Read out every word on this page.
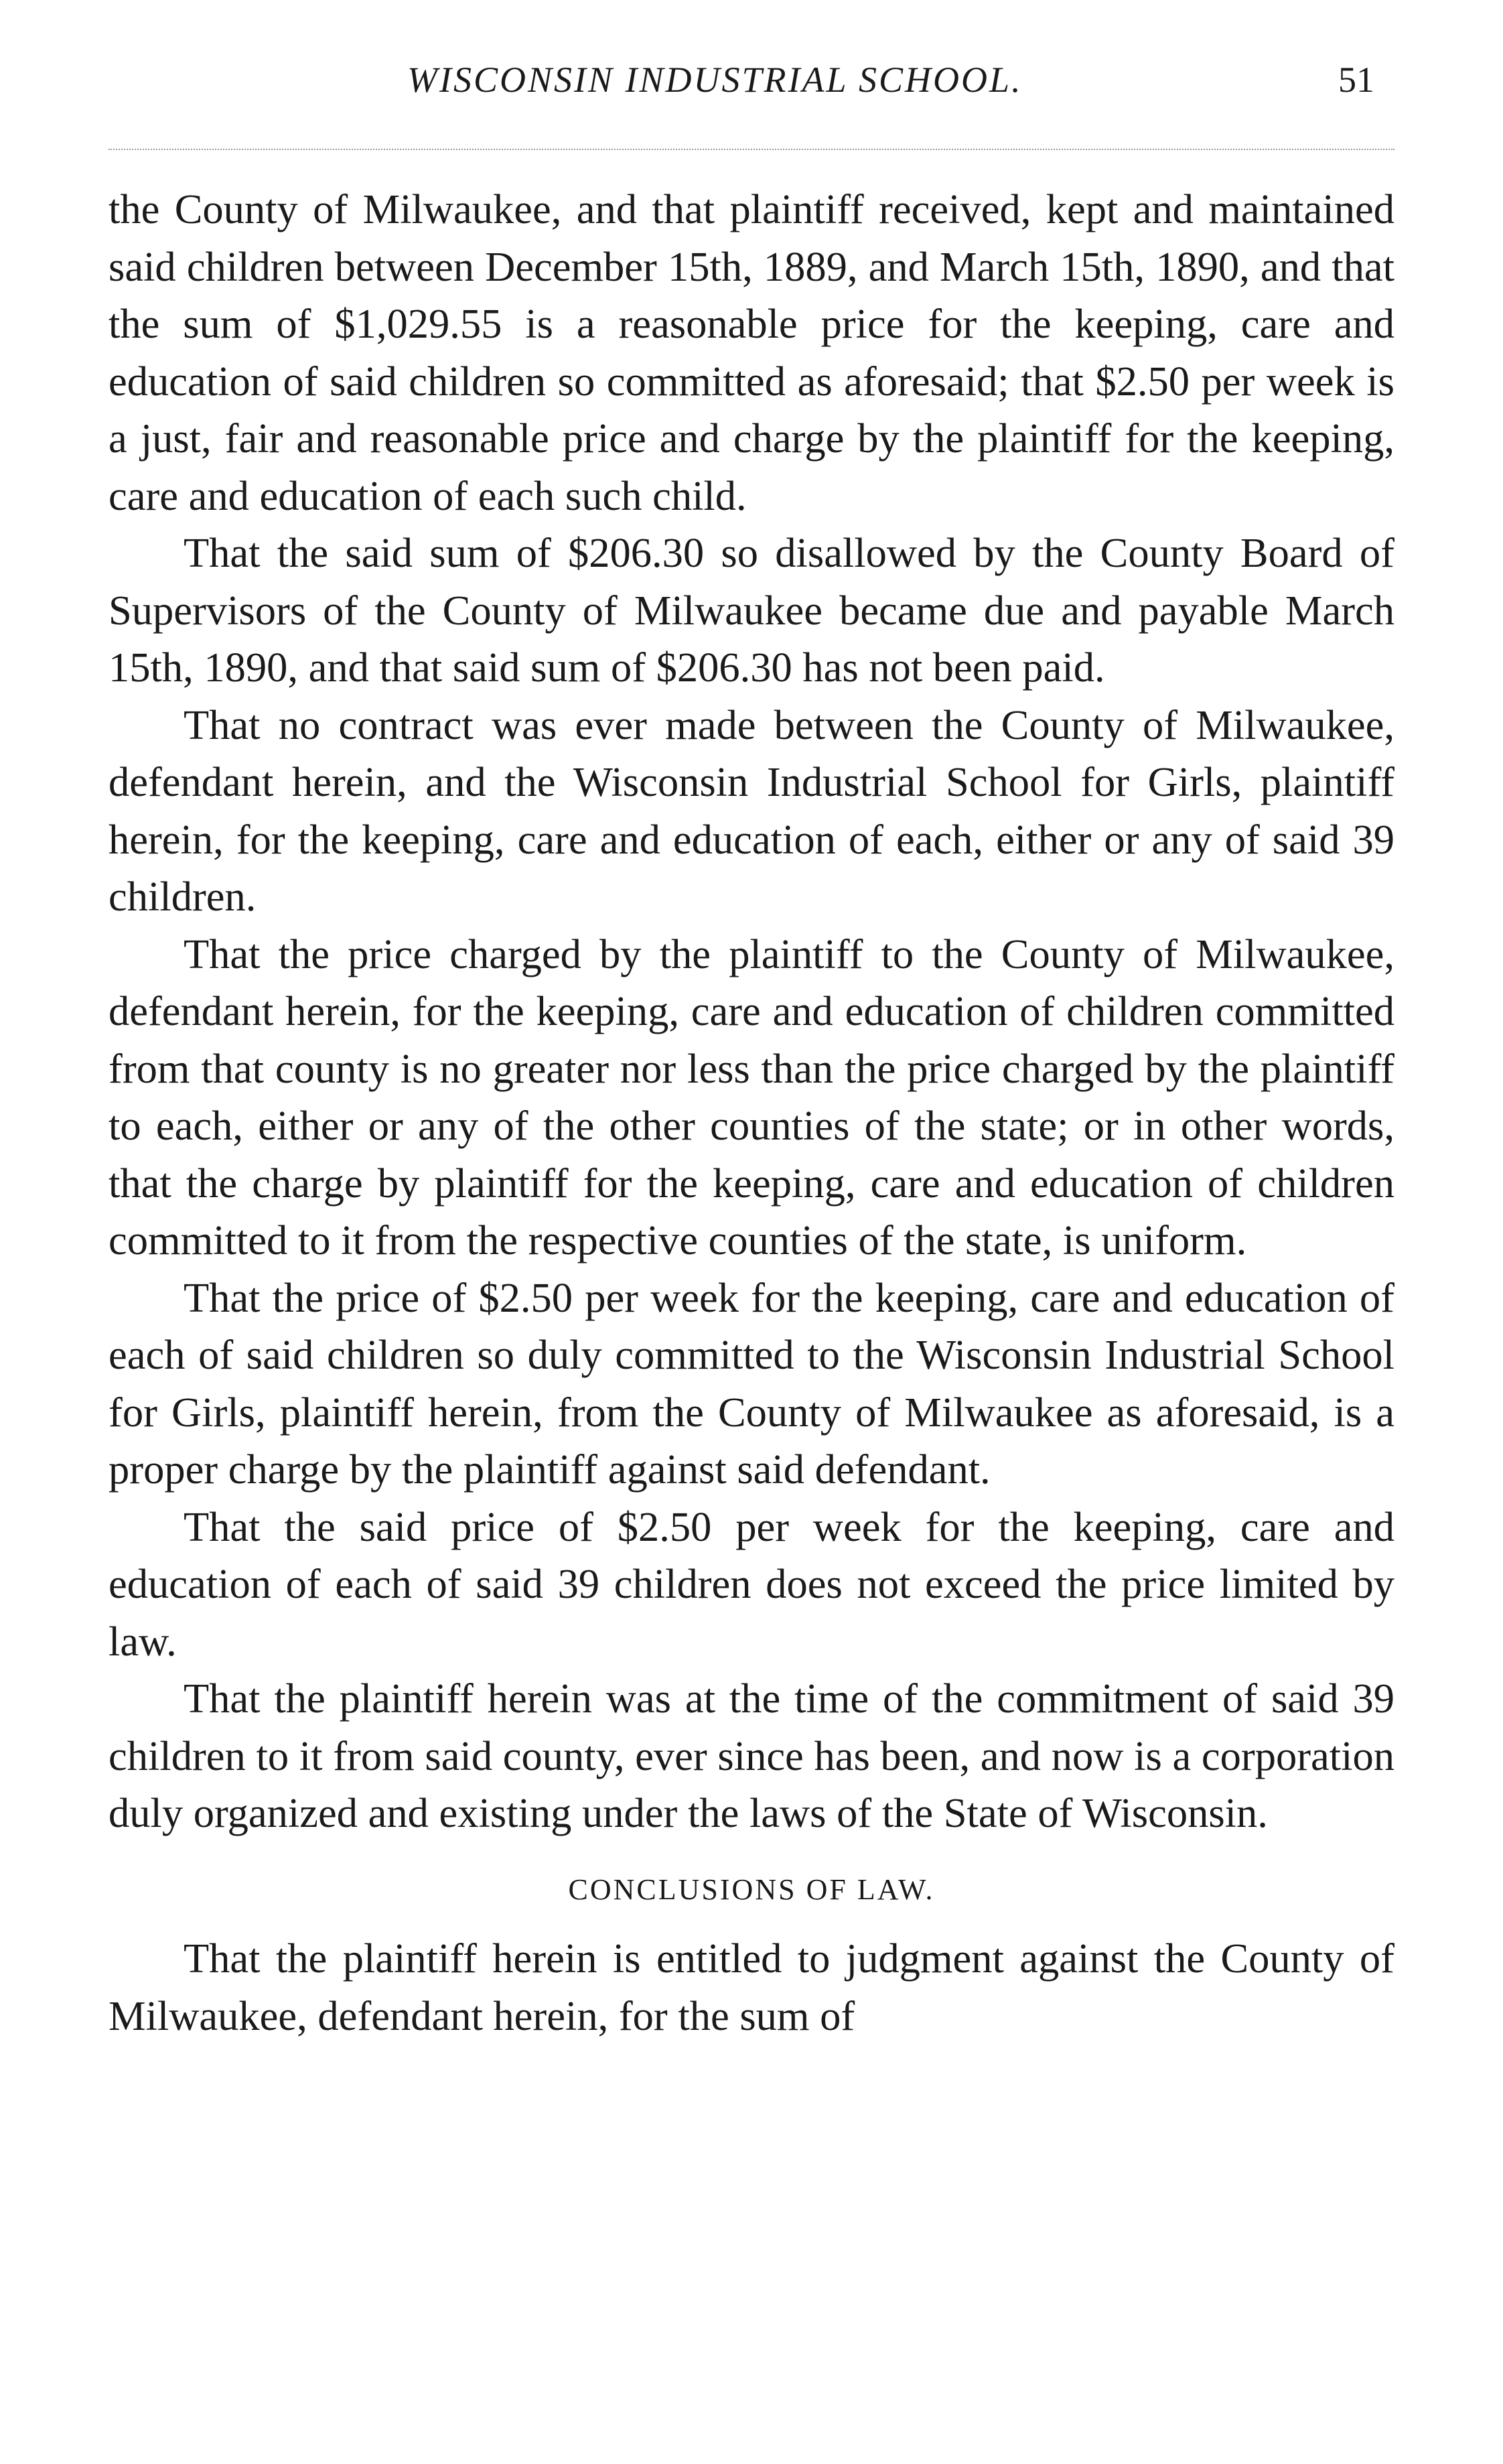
WISCONSIN INDUSTRIAL SCHOOL.	51

the County of Milwaukee, and that plaintiff received, kept and maintained said children between December 15th, 1889, and March 15th, 1890, and that the sum of $1,029.55 is a reasonable price for the keeping, care and education of said children so committed as aforesaid; that $2.50 per week is a just, fair and reasonable price and charge by the plaintiff for the keeping, care and education of each such child.

That the said sum of $206.30 so disallowed by the County Board of Supervisors of the County of Milwaukee became due and payable March 15th, 1890, and that said sum of $206.30 has not been paid.

That no contract was ever made between the County of Milwaukee, defendant herein, and the Wisconsin Industrial School for Girls, plaintiff herein, for the keeping, care and education of each, either or any of said 39 children.

That the price charged by the plaintiff to the County of Milwaukee, defendant herein, for the keeping, care and education of children committed from that county is no greater nor less than the price charged by the plaintiff to each, either or any of the other counties of the state; or in other words, that the charge by plaintiff for the keeping, care and education of children committed to it from the respective counties of the state, is uniform.

That the price of $2.50 per week for the keeping, care and education of each of said children so duly committed to the Wisconsin Industrial School for Girls, plaintiff herein, from the County of Milwaukee as aforesaid, is a proper charge by the plaintiff against said defendant.

That the said price of $2.50 per week for the keeping, care and education of each of said 39 children does not exceed the price limited by law.

That the plaintiff herein was at the time of the commitment of said 39 children to it from said county, ever since has been, and now is a corporation duly organized and existing under the laws of the State of Wisconsin.

CONCLUSIONS OF LAW.

That the plaintiff herein is entitled to judgment against the County of Milwaukee, defendant herein, for the sum of
